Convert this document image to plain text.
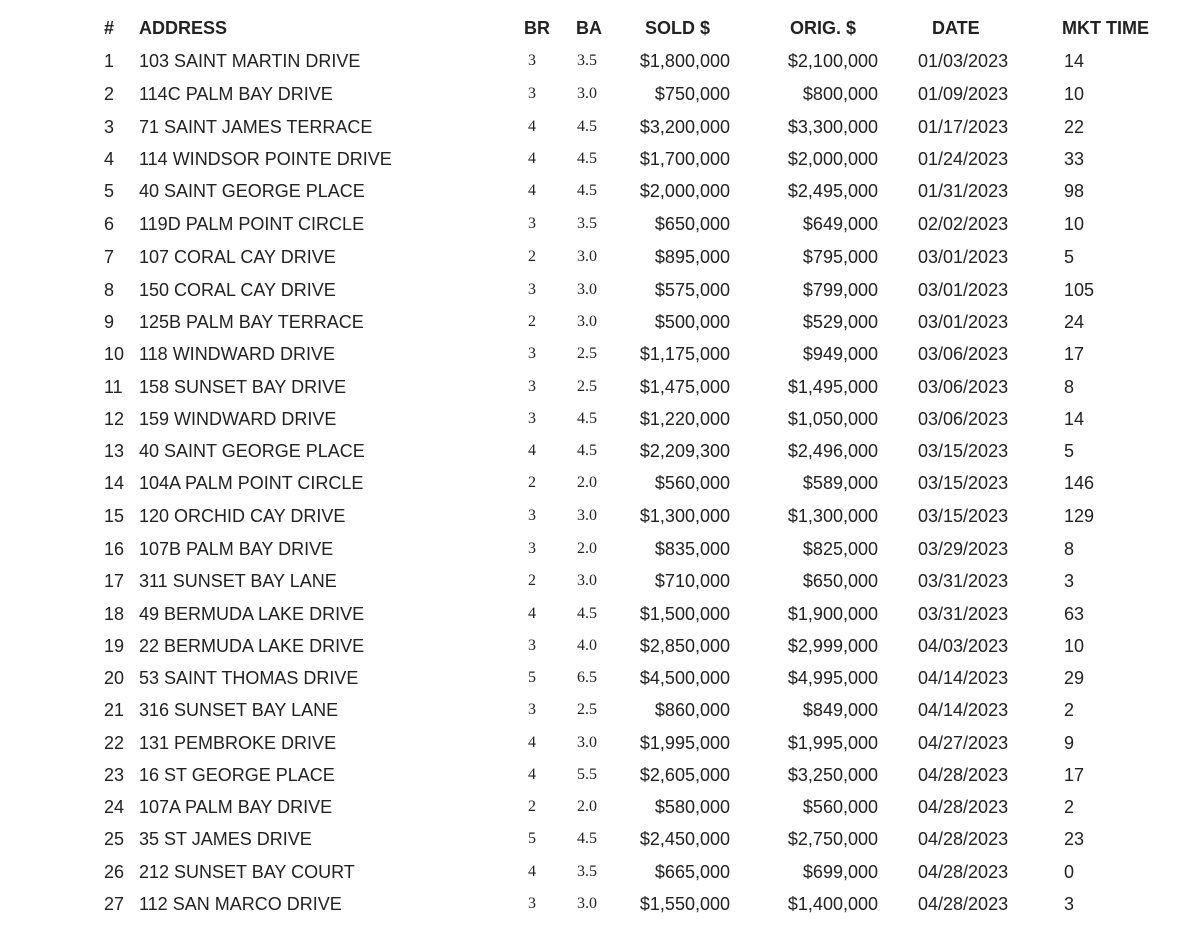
# ADDRESS	BR BA SOLD $	ORIG. $	DATE	MKT TIME
1	103 SAINT MARTIN DRIVE	3	3.5	$1,800,000	$2,100,000 01/03/2023	14
2	114C PALM BAY DRIVE	3	3.0	$750,000	$800,000 01/09/2023	10
3	71 SAINT JAMES TERRACE	4	4.5	$3,200,000	$3,300,000 01/17/2023	22
4	114 WINDSOR POINTE DRIVE	4	4.5	$1,700,000	$2,000,000 01/24/2023	33
5	40 SAINT GEORGE PLACE	4	4.5	$2,000,000	$2,495,000 01/31/2023	98
6	119D PALM POINT CIRCLE	3	3.5	$650,000	$649,000 02/02/2023	10
7	107 CORAL CAY DRIVE	2	3.0	$895,000	$795,000 03/01/2023	5
8	150 CORAL CAY DRIVE	3	3.0	$575,000	$799,000 03/01/2023	105
9	125B PALM BAY TERRACE	2	3.0	$500,000	$529,000 03/01/2023	24
10 118 WINDWARD DRIVE	3	2.5	$1,175,000	$949,000 03/06/2023	17
11 158 SUNSET BAY DRIVE	3	2.5	$1,475,000	$1,495,000 03/06/2023	8
12 159 WINDWARD DRIVE	3	4.5	$1,220,000	$1,050,000 03/06/2023	14
13 40 SAINT GEORGE PLACE	4	4.5	$2,209,300	$2,496,000 03/15/2023	5
14 104A PALM POINT CIRCLE	2	2.0	$560,000	$589,000 03/15/2023	146
15 120 ORCHID CAY DRIVE	3	3.0	$1,300,000	$1,300,000 03/15/2023	129
16 107B PALM BAY DRIVE	3	2.0	$835,000	$825,000 03/29/2023	8
17 311 SUNSET BAY LANE	2	3.0	$710,000	$650,000 03/31/2023	3
18 49 BERMUDA LAKE DRIVE	4	4.5	$1,500,000	$1,900,000 03/31/2023	63
19 22 BERMUDA LAKE DRIVE	3	4.0	$2,850,000	$2,999,000 04/03/2023	10
20 53 SAINT THOMAS DRIVE	5	6.5	$4,500,000	$4,995,000 04/14/2023	29
21 316 SUNSET BAY LANE	3	2.5	$860,000	$849,000 04/14/2023	2
22 131 PEMBROKE DRIVE	4	3.0	$1,995,000	$1,995,000 04/27/2023	9
23 16 ST GEORGE PLACE	4	5.5	$2,605,000	$3,250,000 04/28/2023	17
24 107A PALM BAY DRIVE	2	2.0	$580,000	$560,000 04/28/2023	2
25 35 ST JAMES DRIVE	5	4.5	$2,450,000	$2,750,000 04/28/2023	23
26 212 SUNSET BAY COURT	4	3.5	$665,000	$699,000 04/28/2023	0
27 112 SAN MARCO DRIVE	3	3.0	$1,550,000	$1,400,000 04/28/2023	3
